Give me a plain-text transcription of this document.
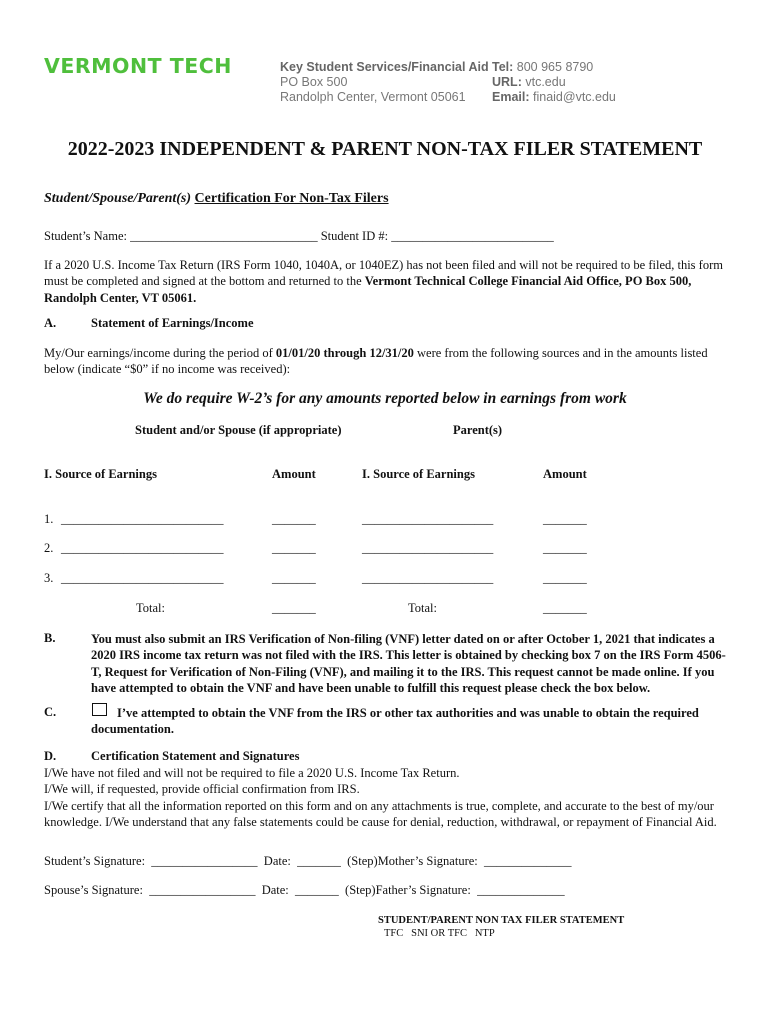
VERMONT TECH	Key Student Services/Financial Aid
PO Box 500
Randolph Center, Vermont 05061
Tel: 800 965 8790
URL: vtc.edu
Email: finaid@vtc.edu
2022-2023 INDEPENDENT & PARENT NON-TAX FILER STATEMENT
Student/Spouse/Parent(s) Certification For Non-Tax Filers
Student’s Name: ______________________________ Student ID #: __________________________
If a 2020 U.S. Income Tax Return (IRS Form 1040, 1040A, or 1040EZ) has not been filed and will not be required to be filed, this form must be completed and signed at the bottom and returned to the Vermont Technical College Financial Aid Office, PO Box 500, Randolph Center, VT 05061.
A.	Statement of Earnings/Income
My/Our earnings/income during the period of 01/01/20 through 12/31/20 were from the following sources and in the amounts listed below (indicate “$0” if no income was received):
We do require W-2’s for any amounts reported below in earnings from work
Student and/or Spouse (if appropriate)	Parent(s)
I. Source of Earnings	Amount	I. Source of Earnings	Amount
1. __________________________	_______	_____________________	_______
2. __________________________	_______	_____________________	_______
3. __________________________	_______	_____________________	_______
Total:	_______	Total:	_______
B.	You must also submit an IRS Verification of Non-filing (VNF) letter dated on or after October 1, 2021 that indicates a 2020 IRS income tax return was not filed with the IRS. This letter is obtained by checking box 7 on the IRS Form 4506-T, Request for Verification of Non-Filing (VNF), and mailing it to the IRS. This request cannot be made online. If you have attempted to obtain the VNF and have been unable to fulfill this request please check the box below.
C.	I’ve attempted to obtain the VNF from the IRS or other tax authorities and was unable to obtain the required documentation.
D.	Certification Statement and Signatures
I/We have not filed and will not be required to file a 2020 U.S. Income Tax Return.
I/We will, if requested, provide official confirmation from IRS.
I/We certify that all the information reported on this form and on any attachments is true, complete, and accurate to the best of my/our knowledge. I/We understand that any false statements could be cause for denial, reduction, withdrawal, or repayment of Financial Aid.
Student’s Signature:  _________________  Date:  _______  (Step)Mother’s Signature:  ______________
Spouse’s Signature:  _________________  Date:  _______  (Step)Father’s Signature:  ______________
STUDENT/PARENT NON TAX FILER STATEMENT
TFC   SNI OR TFC   NTP
